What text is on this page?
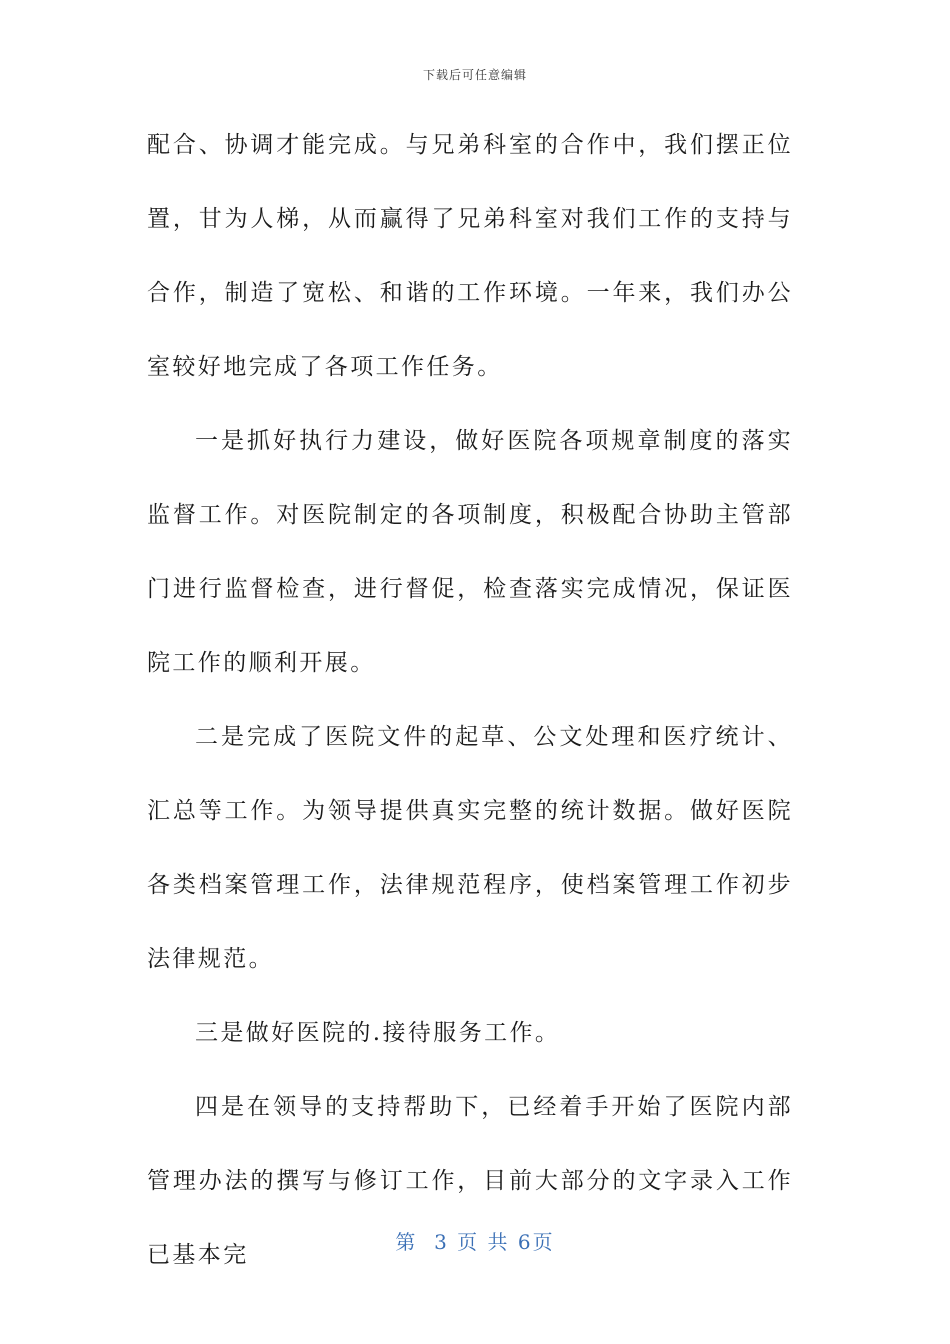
下载后可任意编辑

配合、协调才能完成。与兄弟科室的合作中，我们摆正位置，甘为人梯，从而赢得了兄弟科室对我们工作的支持与合作，制造了宽松、和谐的工作环境。一年来，我们办公室较好地完成了各项工作任务。

一是抓好执行力建设，做好医院各项规章制度的落实监督工作。对医院制定的各项制度，积极配合协助主管部门进行监督检查，进行督促，检查落实完成情况，保证医院工作的顺利开展。

二是完成了医院文件的起草、公文处理和医疗统计、汇总等工作。为领导提供真实完整的统计数据。做好医院各类档案管理工作，法律规范程序，使档案管理工作初步法律规范。

三是做好医院的.接待服务工作。

四是在领导的支持帮助下，已经着手开始了医院内部管理办法的撰写与修订工作，目前大部分的文字录入工作已基本完	第  3 页 共 6页
